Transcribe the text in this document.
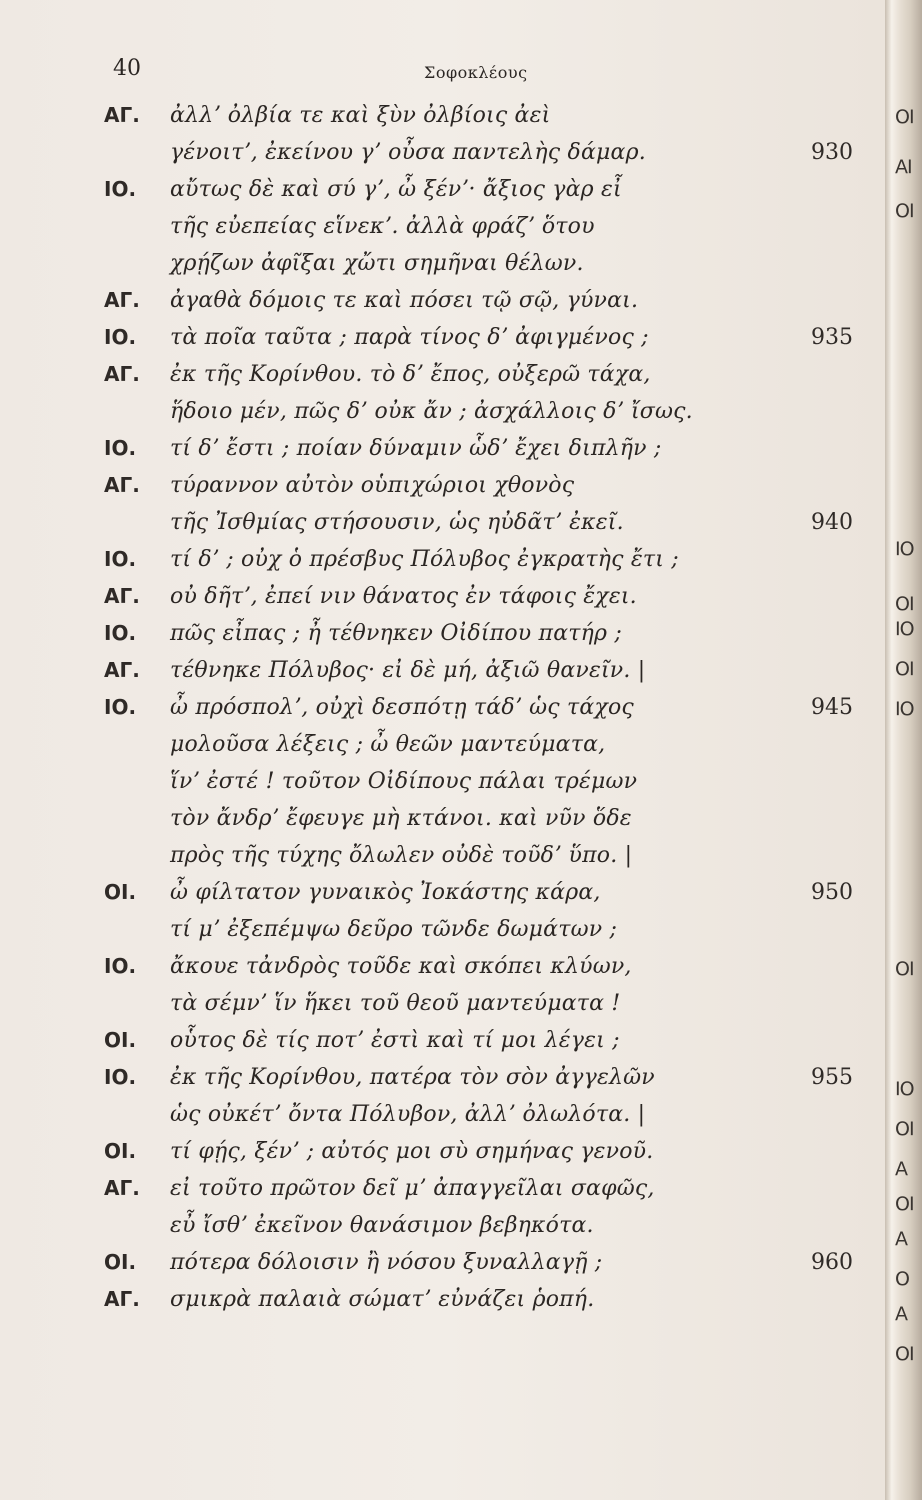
40	Σοφοκλέους
ΑΓ. ἀλλʼ ὀλβία τε καὶ ξὺν ὀλβίοις ἀεὶ
γένοιτʼ, ἐκείνου γʼ οὖσα παντελὴς δάμαρ.	930
ΙΟ. αὔτως δὲ καὶ σύ γʼ, ὦ ξένʼ· ἄξιος γὰρ εἶ
τῆς εὐεπείας εἵνεκʼ. ἀλλὰ φράζʼ ὅτου
χρῄζων ἀφῖξαι χὤτι σημῆναι θέλων.
ΑΓ. ἀγαθὰ δόμοις τε καὶ πόσει τῷ σῷ, γύναι.
ΙΟ. τὰ ποῖα ταῦτα ; παρὰ τίνος δʼ ἀφιγμένος ;	935
ΑΓ. ἐκ τῆς Κορίνθου. τὸ δʼ ἔπος, οὐξερῶ τάχα,
ἥδοιο μέν, πῶς δʼ οὐκ ἄν ; ἀσχάλλοις δʼ ἴσως.
ΙΟ. τί δʼ ἔστι ; ποίαν δύναμιν ὧδʼ ἔχει διπλῆν ;
ΑΓ. τύραννον αὐτὸν οὑπιχώριοι χθονὸς
τῆς Ἰσθμίας στήσουσιν, ὡς ηὐδᾶτʼ ἐκεῖ.	940
ΙΟ. τί δʼ ; οὐχ ὁ πρέσβυς Πόλυβος ἐγκρατὴς ἔτι ;
ΑΓ. οὐ δῆτʼ, ἐπεί νιν θάνατος ἐν τάφοις ἔχει.
ΙΟ. πῶς εἶπας ; ἦ τέθνηκεν Οἰδίπου πατήρ ;
ΑΓ. τέθνηκε Πόλυβος· εἰ δὲ μή, ἀξιῶ θανεῖν. |
ΙΟ. ὦ πρόσπολʼ, οὐχὶ δεσπότῃ τάδʼ ὡς τάχος	945
μολοῦσα λέξεις ; ὦ θεῶν μαντεύματα,
ἵνʼ ἐστέ ! τοῦτον Οἰδίπους πάλαι τρέμων
τὸν ἄνδρʼ ἔφευγε μὴ κτάνοι. καὶ νῦν ὅδε
πρὸς τῆς τύχης ὄλωλεν οὐδὲ τοῦδʼ ὕπο. |
ΟΙ. ὦ φίλτατον γυναικὸς Ἰοκάστης κάρα,	950
τί μʼ ἐξεπέμψω δεῦρο τῶνδε δωμάτων ;
ΙΟ. ἄκουε τἀνδρὸς τοῦδε καὶ σκόπει κλύων,
τὰ σέμνʼ ἵν ἥκει τοῦ θεοῦ μαντεύματα !
ΟΙ. οὗτος δὲ τίς ποτʼ ἐστὶ καὶ τί μοι λέγει ;
ΙΟ. ἐκ τῆς Κορίνθου, πατέρα τὸν σὸν ἀγγελῶν	955
ὡς οὐκέτʼ ὄντα Πόλυβον, ἀλλʼ ὀλωλότα. |
ΟΙ. τί φῄς, ξένʼ ; αὐτός μοι σὺ σημήνας γενοῦ.
ΑΓ. εἰ τοῦτο πρῶτον δεῖ μʼ ἀπαγγεῖλαι σαφῶς,
εὖ ἴσθʼ ἐκεῖνον θανάσιμον βεβηκότα.
ΟΙ. πότερα δόλοισιν ἢ νόσου ξυναλλαγῇ ;	960
ΑΓ. σμικρὰ παλαιὰ σώματʼ εὐνάζει ῥοπή.
ΟΙ
ΑΙ
ΟΙ
ΙΟ
ΟΙ
ΙΟ
ΟΙ
ΙΟ
ΟΙ
ΙΟ
ΟΙ
Α
ΟΙ
Α
Ο
Α
ΟΙ
